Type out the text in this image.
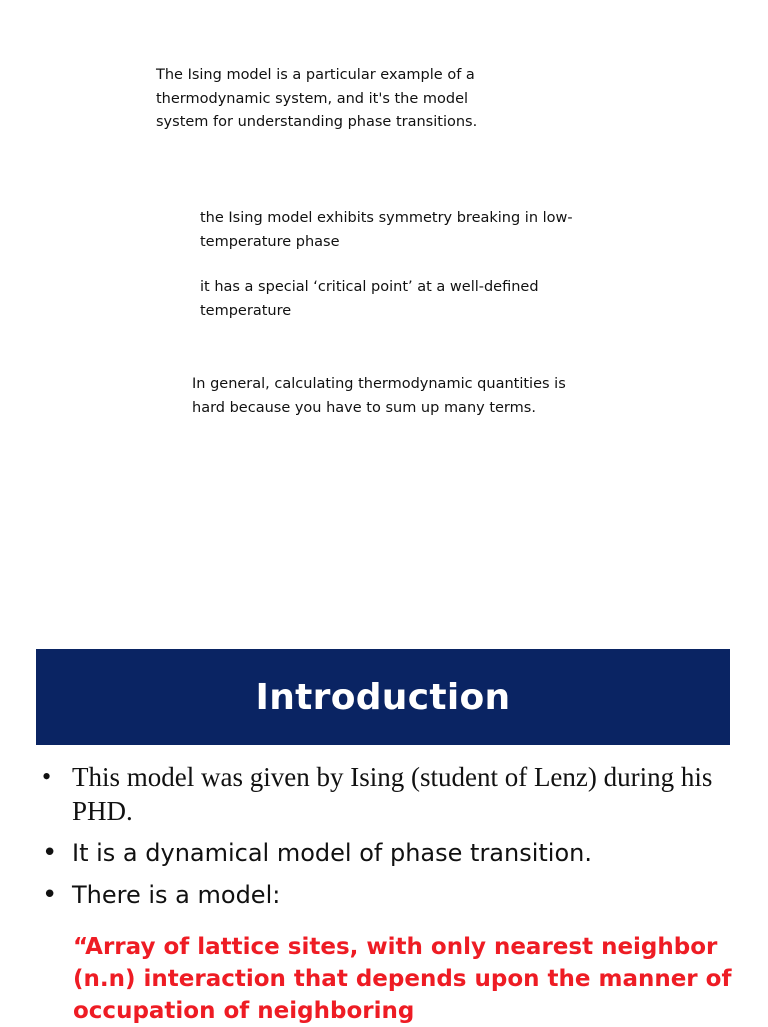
The Ising model is a particular example of a thermodynamic system, and it's the model system for understanding phase transitions.

the Ising model exhibits symmetry breaking in low-temperature phase

it has a special ‘critical point’ at a well-defined temperature

In general, calculating thermodynamic quantities is hard because you have to sum up many terms.

Introduction
• This model was given by Ising (student of Lenz) during his PHD.
• It is a dynamical model of phase transition.
• There is a model:

“Array of lattice sites, with only nearest neighbor (n.n) interaction that depends upon the manner of occupation of neighboring
